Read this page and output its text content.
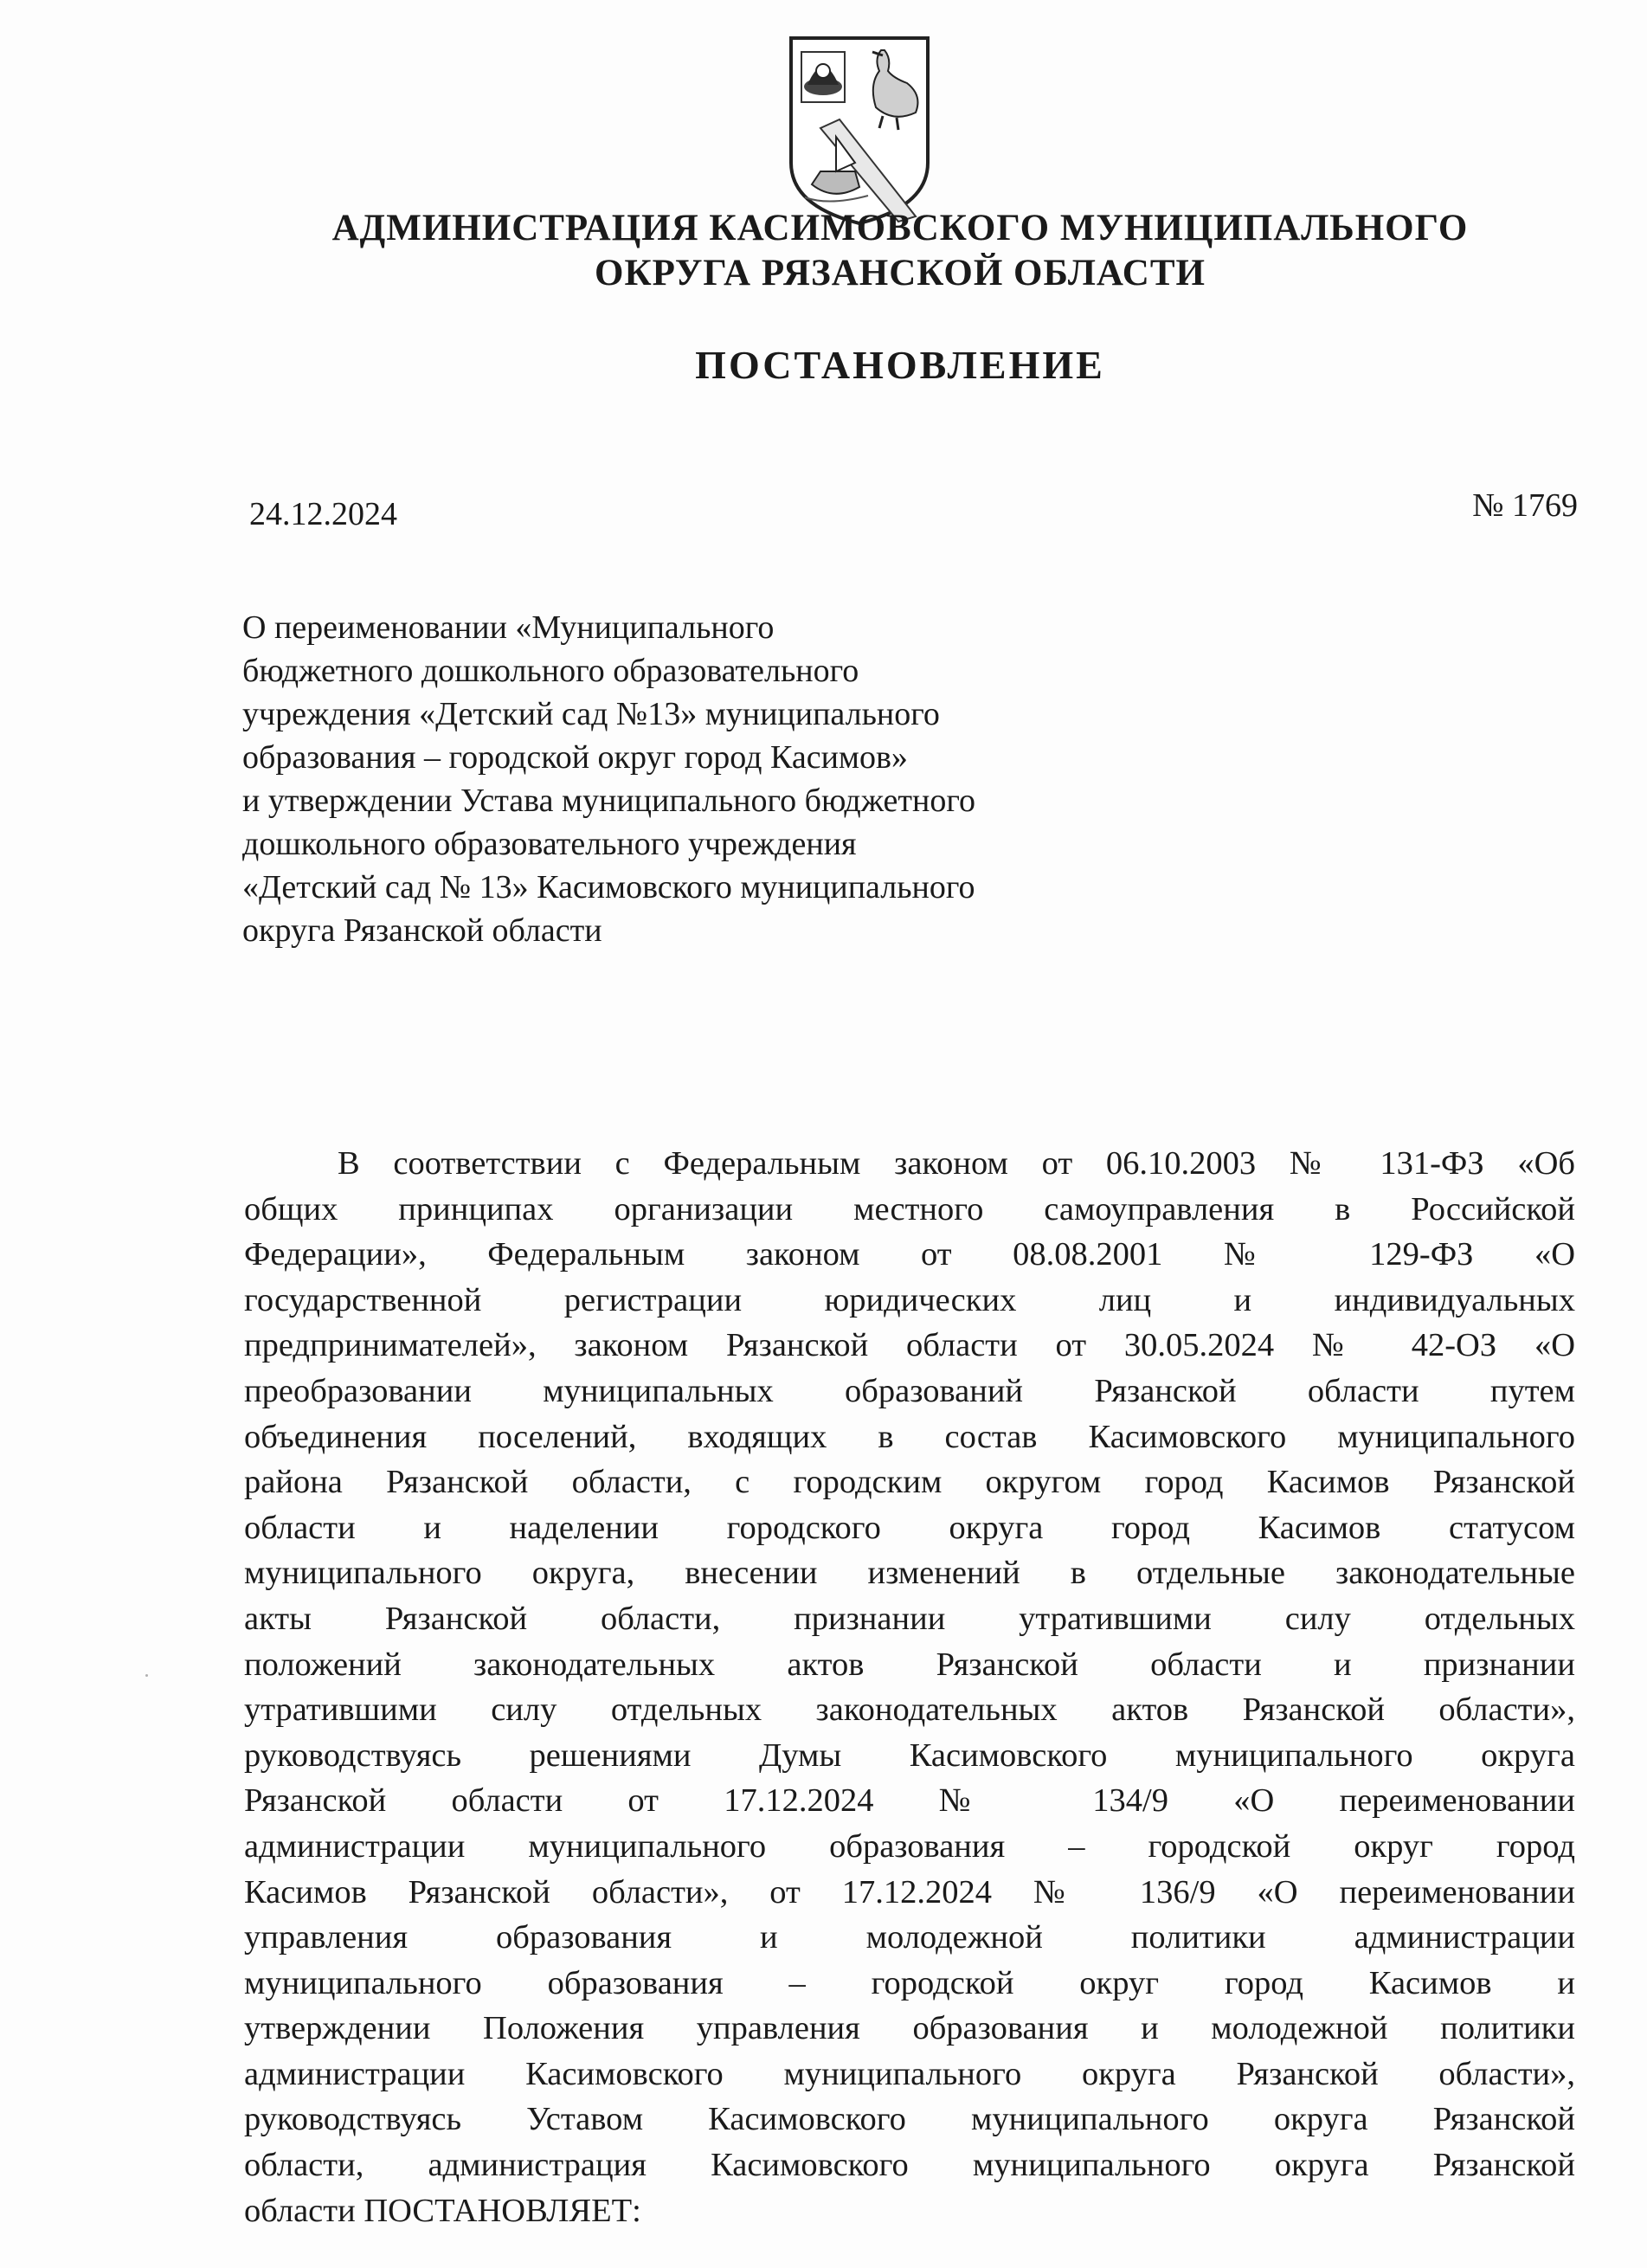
АДМИНИСТРАЦИЯ КАСИМОВСКОГО МУНИЦИПАЛЬНОГО
ОКРУГА РЯЗАНСКОЙ ОБЛАСТИ
ПОСТАНОВЛЕНИЕ
24.12.2024	№ 1769
О переименовании «Муниципального
бюджетного дошкольного образовательного
учреждения «Детский сад №13» муниципального
образования – городской округ город Касимов»
и утверждении Устава муниципального бюджетного
дошкольного образовательного учреждения
«Детский сад № 13» Касимовского муниципального
округа Рязанской области
В соответствии с Федеральным законом от 06.10.2003 № 131-ФЗ «Об
общих принципах организации местного самоуправления в Российской
Федерации», Федеральным законом от 08.08.2001 № 129-ФЗ «О
государственной регистрации юридических лиц и индивидуальных
предпринимателей», законом Рязанской области от 30.05.2024 № 42-ОЗ «О
преобразовании муниципальных образований Рязанской области путем
объединения поселений, входящих в состав Касимовского муниципального
района Рязанской области, с городским округом город Касимов Рязанской
области и наделении городского округа город Касимов статусом
муниципального округа, внесении изменений в отдельные законодательные
акты Рязанской области, признании утратившими силу отдельных
положений законодательных актов Рязанской области и признании
утратившими силу отдельных законодательных актов Рязанской области»,
руководствуясь решениями Думы Касимовского муниципального округа
Рязанской области от 17.12.2024 № 134/9 «О переименовании
администрации муниципального образования – городской округ город
Касимов Рязанской области», от 17.12.2024 № 136/9 «О переименовании
управления образования и молодежной политики администрации
муниципального образования – городской округ город Касимов и
утверждении Положения управления образования и молодежной политики
администрации Касимовского муниципального округа Рязанской области»,
руководствуясь Уставом Касимовского муниципального округа Рязанской
области, администрация Касимовского муниципального округа Рязанской
области ПОСТАНОВЛЯЕТ:
